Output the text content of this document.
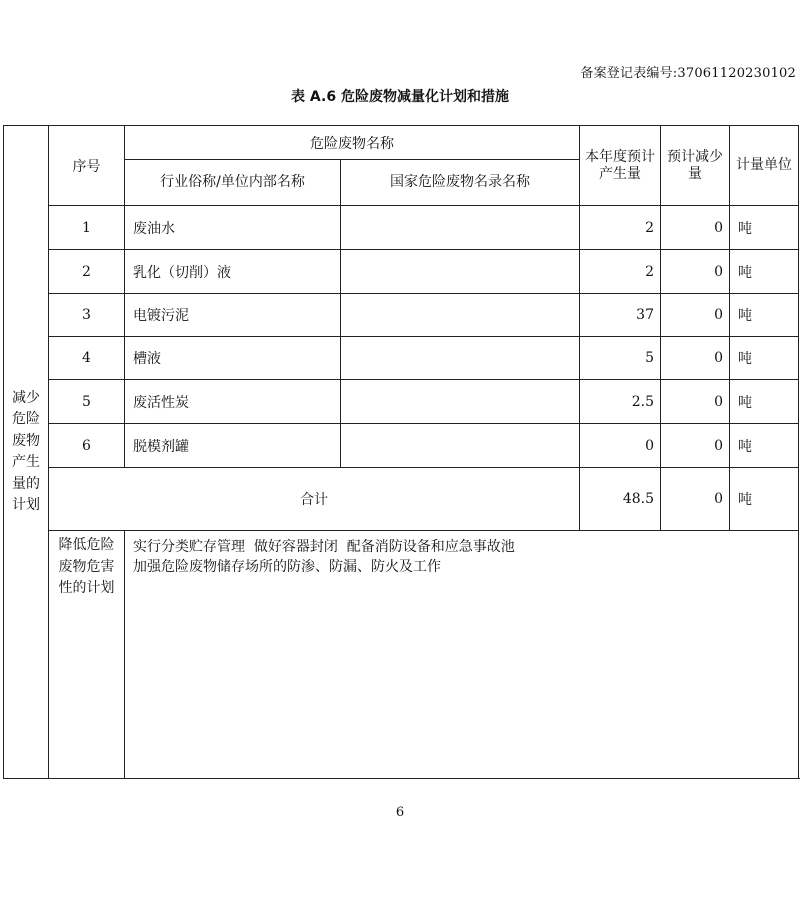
备案登记表编号:37061120230102
表 A.6 危险废物减量化计划和措施
减少危险废物产生量的计划	序号	危险废物名称		本年度预计产生量	预计减少量	计量单位
		行业俗称/单位内部名称	国家危险废物名录名称			
	1	废油水		2	0	吨
	2	乳化（切削）液		2	0	吨
	3	电镀污泥		37	0	吨
	4	槽液		5	0	吨
	5	废活性炭		2.5	0	吨
	6	脱模剂罐		0	0	吨
	合计			48.5	0	吨
	降低危险废物危害性的计划	实行分类贮存管理  做好容器封闭  配备消防设备和应急事故池
加强危险废物储存场所的防渗、防漏、防火及工作				
6
